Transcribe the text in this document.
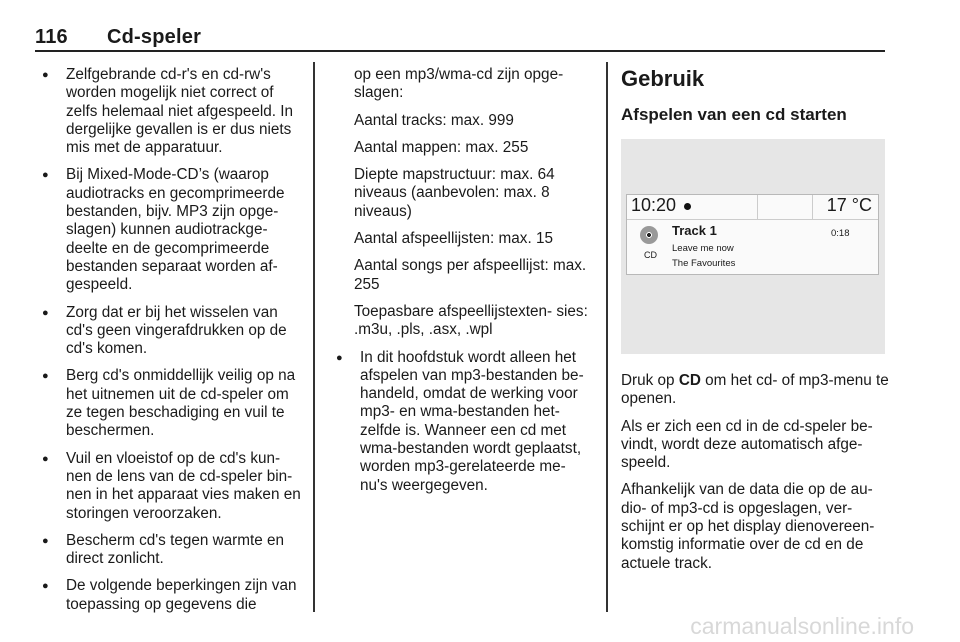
116 Cd-speler
● Zelfgebrande cd-r's en cd-rw's worden mogelijk niet correct of zelfs helemaal niet afgespeeld. In dergelijke gevallen is er dus niets mis met de apparatuur.
● Bij Mixed-Mode-CD’s (waarop audiotracks en gecomprimeerde bestanden, bijv. MP3 zijn opge- slagen) kunnen audiotrackge- deelte en de gecomprimeerde bestanden separaat worden af- gespeeld.
● Zorg dat er bij het wisselen van cd's geen vingerafdrukken op de cd's komen.
● Berg cd's onmiddellijk veilig op na het uitnemen uit de cd-speler om ze tegen beschadiging en vuil te beschermen.
● Vuil en vloeistof op de cd's kun- nen de lens van de cd-speler bin- nen in het apparaat vies maken en storingen veroorzaken.
● Bescherm cd's tegen warmte en direct zonlicht.
● De volgende beperkingen zijn van toepassing op gegevens die

op een mp3/wma-cd zijn opge- slagen:

Aantal tracks: max. 999

Aantal mappen: max. 255

Diepte mapstructuur: max. 64 niveaus (aanbevolen: max. 8 niveaus)

Aantal afspeellijsten: max. 15

Aantal songs per afspeellijst: max. 255

Toepasbare afspeellijstexten- sies: .m3u, .pls, .asx, .wpl

● In dit hoofdstuk wordt alleen het afspelen van mp3-bestanden be- handeld, omdat de werking voor mp3- en wma-bestanden het- zelfde is. Wanneer een cd met wma-bestanden wordt geplaatst, worden mp3-gerelateerde me- nu's weergegeven.
Gebruik
Afspelen van een cd starten
10:20	17 °C
CD
Track 1	0:18
Leave me now
The Favourites

Druk op CD om het cd- of mp3-menu te openen.

Als er zich een cd in de cd-speler be- vindt, wordt deze automatisch afge- speeld.

Afhankelijk van de data die op de au- dio- of mp3-cd is opgeslagen, ver- schijnt er op het display dienovereen- komstig informatie over de cd en de actuele track.

carmanualsonline.info
